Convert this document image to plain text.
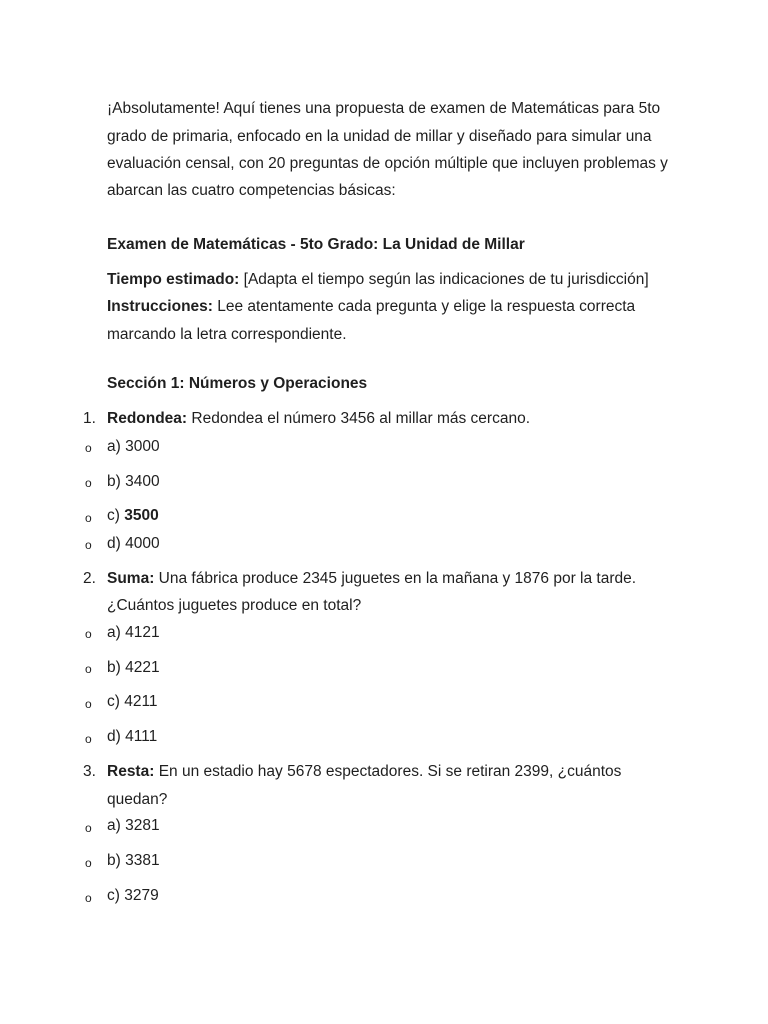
¡Absolutamente! Aquí tienes una propuesta de examen de Matemáticas para 5to
grado de primaria, enfocado en la unidad de millar y diseñado para simular una
evaluación censal, con 20 preguntas de opción múltiple que incluyen problemas y
abarcan las cuatro competencias básicas:
Examen de Matemáticas - 5to Grado: La Unidad de Millar
Tiempo estimado: [Adapta el tiempo según las indicaciones de tu jurisdicción]
Instrucciones: Lee atentamente cada pregunta y elige la respuesta correcta
marcando la letra correspondiente.
Sección 1: Números y Operaciones
1. Redondea: Redondea el número 3456 al millar más cercano.
o a) 3000
o b) 3400
o c) 3500
o d) 4000
2. Suma: Una fábrica produce 2345 juguetes en la mañana y 1876 por la tarde.
¿Cuántos juguetes produce en total?
o a) 4121
o b) 4221
o c) 4211
o d) 4111
3. Resta: En un estadio hay 5678 espectadores. Si se retiran 2399, ¿cuántos
quedan?
o a) 3281
o b) 3381
o c) 3279
